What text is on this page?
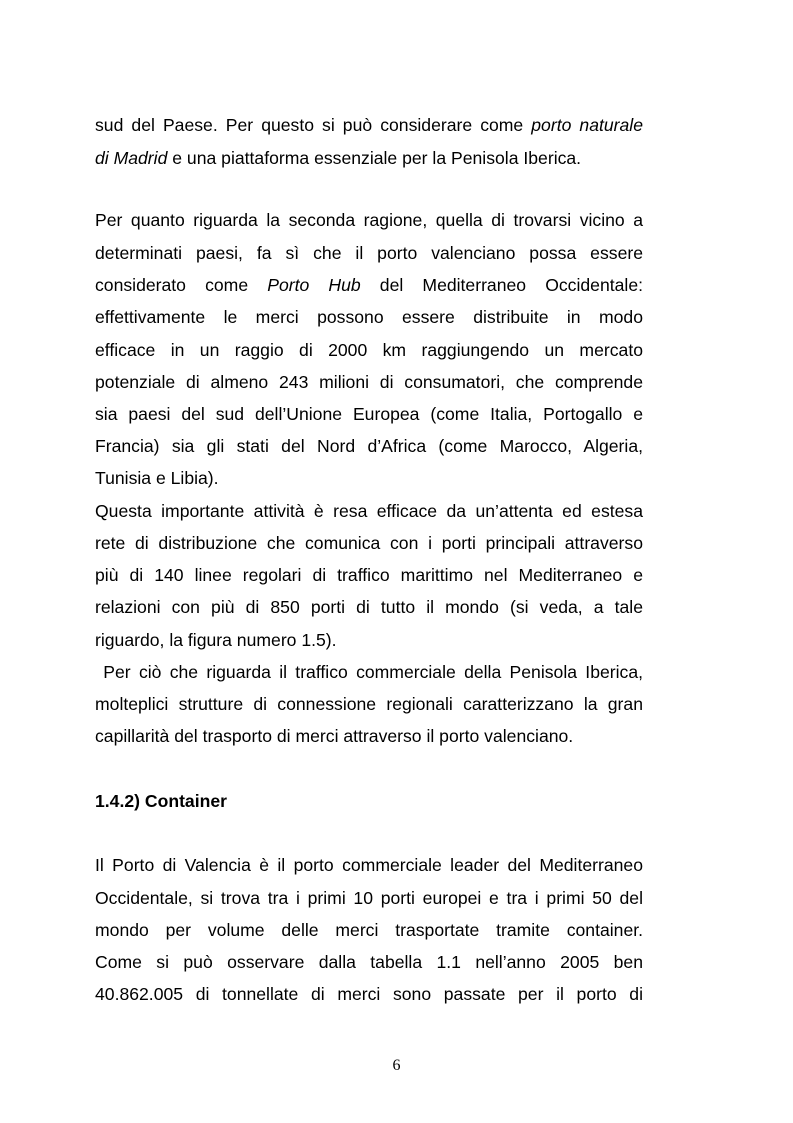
sud del Paese. Per questo si può considerare come porto naturale
di Madrid e una piattaforma essenziale per la Penisola Iberica.
Per quanto riguarda la seconda ragione, quella di trovarsi vicino a
determinati paesi, fa sì che il porto valenciano possa essere
considerato come Porto Hub del Mediterraneo Occidentale:
effettivamente le merci possono essere distribuite in modo
efficace in un raggio di 2000 km raggiungendo un mercato
potenziale di almeno 243 milioni di consumatori, che comprende
sia paesi del sud dell’Unione Europea (come Italia, Portogallo e
Francia) sia gli stati del Nord d’Africa (come Marocco, Algeria,
Tunisia e Libia).
Questa importante attività è resa efficace da un’attenta ed estesa
rete di distribuzione che comunica con i porti principali attraverso
più di 140 linee regolari di traffico marittimo nel Mediterraneo e
relazioni con più di 850 porti di tutto il mondo (si veda, a tale
riguardo, la figura numero 1.5).
Per ciò che riguarda il traffico commerciale della Penisola Iberica,
molteplici strutture di connessione regionali caratterizzano la gran
capillarità del trasporto di merci attraverso il porto valenciano.
1.4.2) Container
Il Porto di Valencia è il porto commerciale leader del Mediterraneo
Occidentale, si trova tra i primi 10 porti europei e tra i primi 50 del
mondo per volume delle merci trasportate tramite container.
Come si può osservare dalla tabella 1.1 nell’anno 2005 ben
40.862.005 di tonnellate di merci sono passate per il porto di
6
